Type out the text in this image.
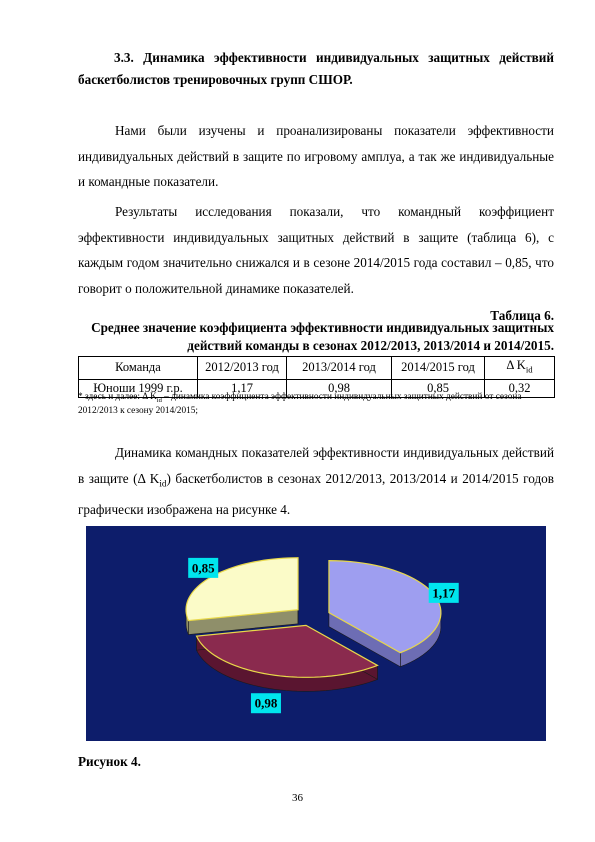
3.3. Динамика эффективности индивидуальных защитных действий баскетболистов тренировочных групп СШОР.
Нами были изучены и проанализированы показатели эффективности индивидуальных действий в защите по игровому амплуа, а так же индивидуальные и командные показатели.
Результаты исследования показали, что командный коэффициент эффективности индивидуальных защитных действий в защите (таблица 6), с каждым годом значительно снижался и в сезоне 2014/2015 года составил – 0,85, что говорит о положительной динамике показателей.
Таблица 6.
Среднее значение коэффициента эффективности индивидуальных защитных действий команды в сезонах 2012/2013, 2013/2014 и 2014/2015.
Команда	2012/2013 год	2013/2014 год	2014/2015 год	Δ $K_{id}$
Юноши 1999 г.р.	1,17	0,98	0,85	0,32
* здесь и далее: Δ $K_{id}$ – динамика коэффициента эффективности индивидуальных защитных действий от сезона 2012/2013 к сезону 2014/2015;
Динамика командных показателей эффективности индивидуальных действий в защите (Δ $K_{id}$) баскетболистов в сезонах 2012/2013, 2013/2014 и 2014/2015 годов графически изображена на рисунке 4.
1,17
0,98
0,85
Рисунок 4.
36
